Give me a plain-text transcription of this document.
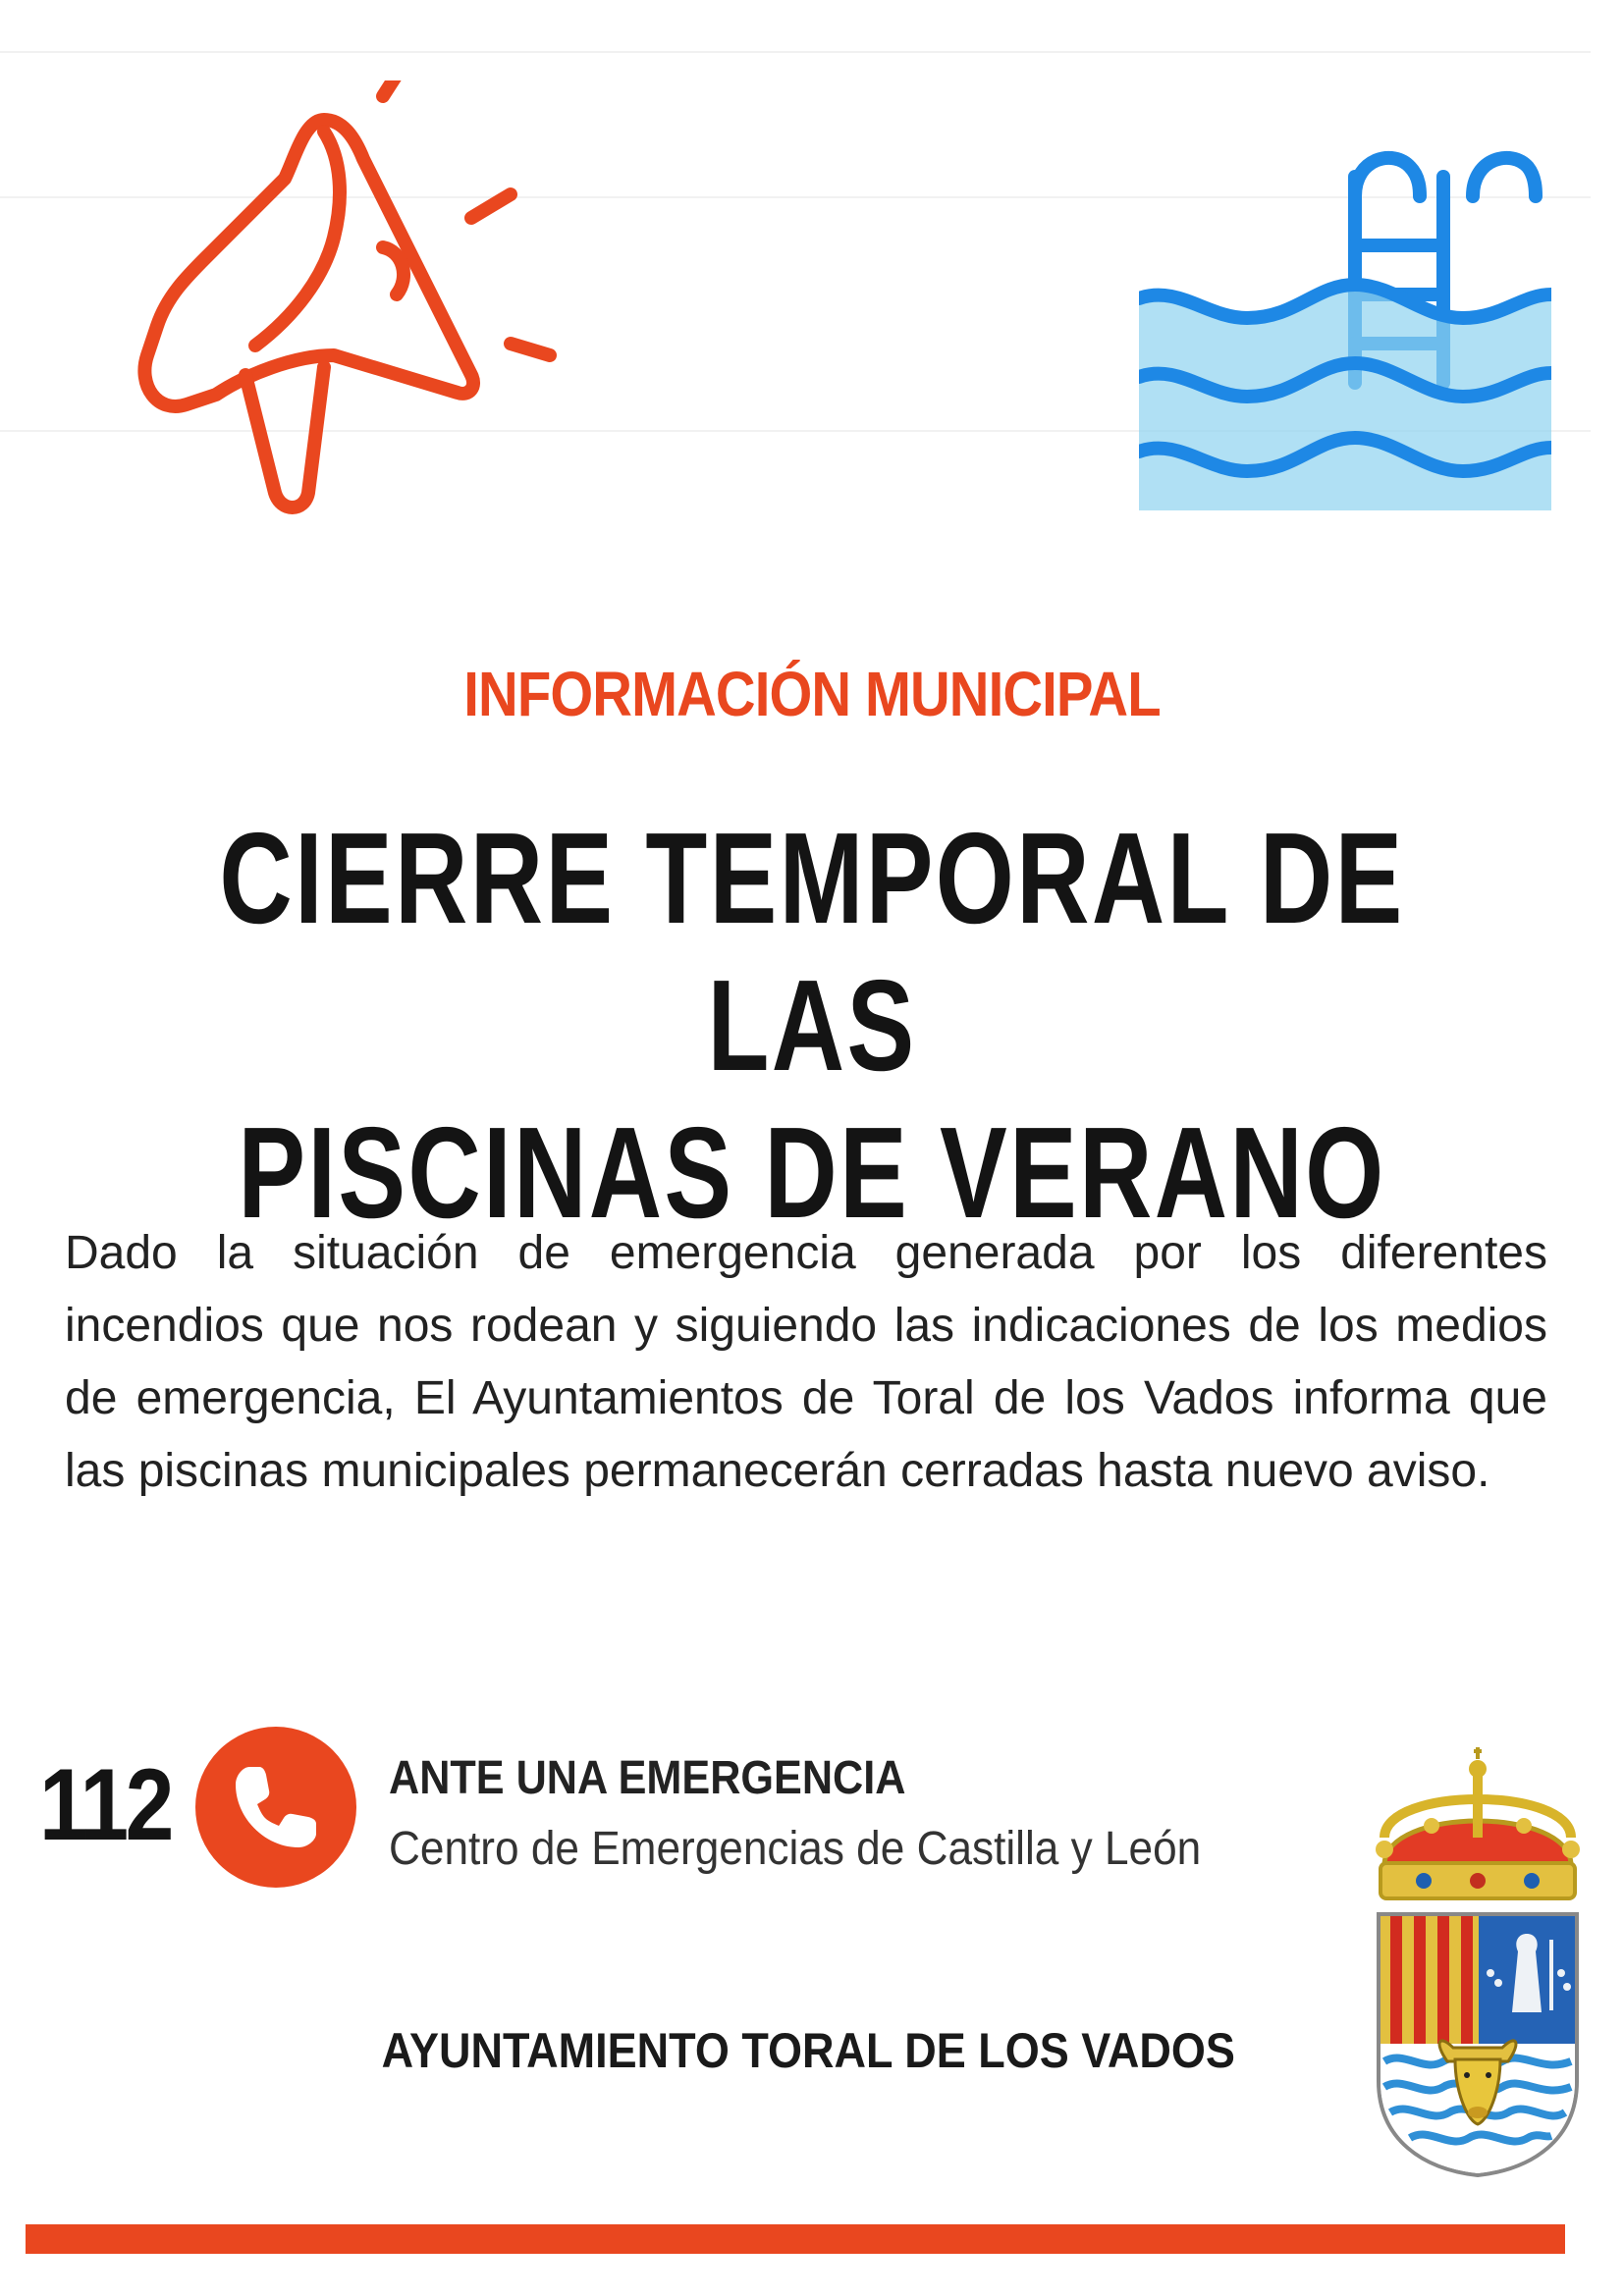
INFORMACIÓN MUNICIPAL
CIERRE TEMPORAL DE LAS
PISCINAS DE VERANO
Dado la situación de emergencia generada por los diferentes incendios que nos rodean y siguiendo las indicaciones de los medios de emergencia, El Ayuntamientos de Toral de los Vados informa que las piscinas municipales permanecerán cerradas hasta nuevo aviso.
112	ANTE UNA EMERGENCIA
Centro de Emergencias de Castilla y León
AYUNTAMIENTO TORAL DE LOS VADOS
